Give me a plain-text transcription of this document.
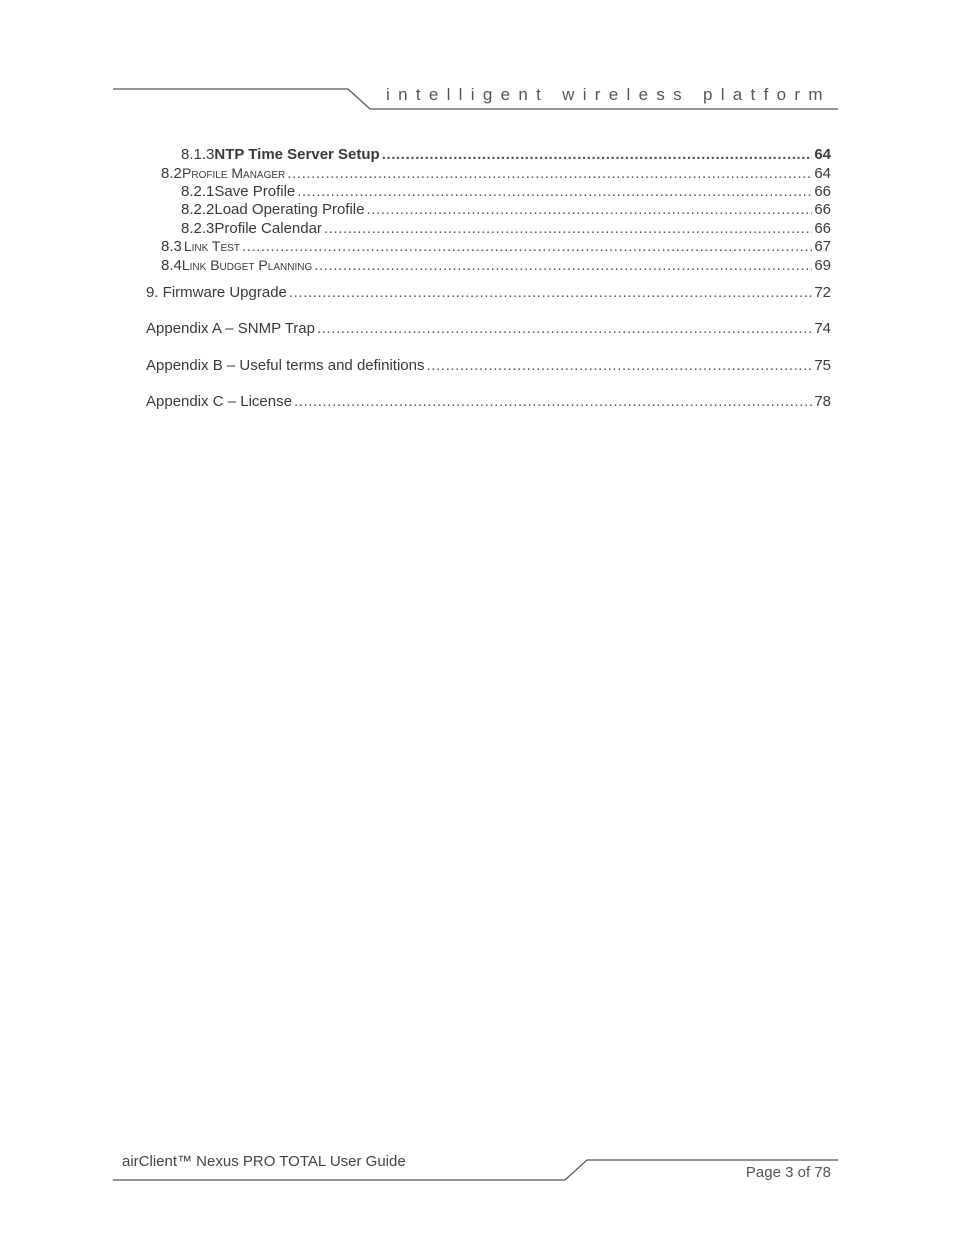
intelligent wireless platform
8.1.3 NTP Time Server Setup .....	64
8.2 Profile Manager .....	64
8.2.1 Save Profile .....	66
8.2.2 Load Operating Profile .....	66
8.2.3 Profile Calendar .....	66
8.3 Link Test .....	67
8.4 Link Budget Planning .....	69
9. Firmware Upgrade .....	72
Appendix A – SNMP Trap .....	74
Appendix B – Useful terms and definitions .....	75
Appendix C – License .....	78
airClient™ Nexus PRO TOTAL User Guide
Page 3 of 78
